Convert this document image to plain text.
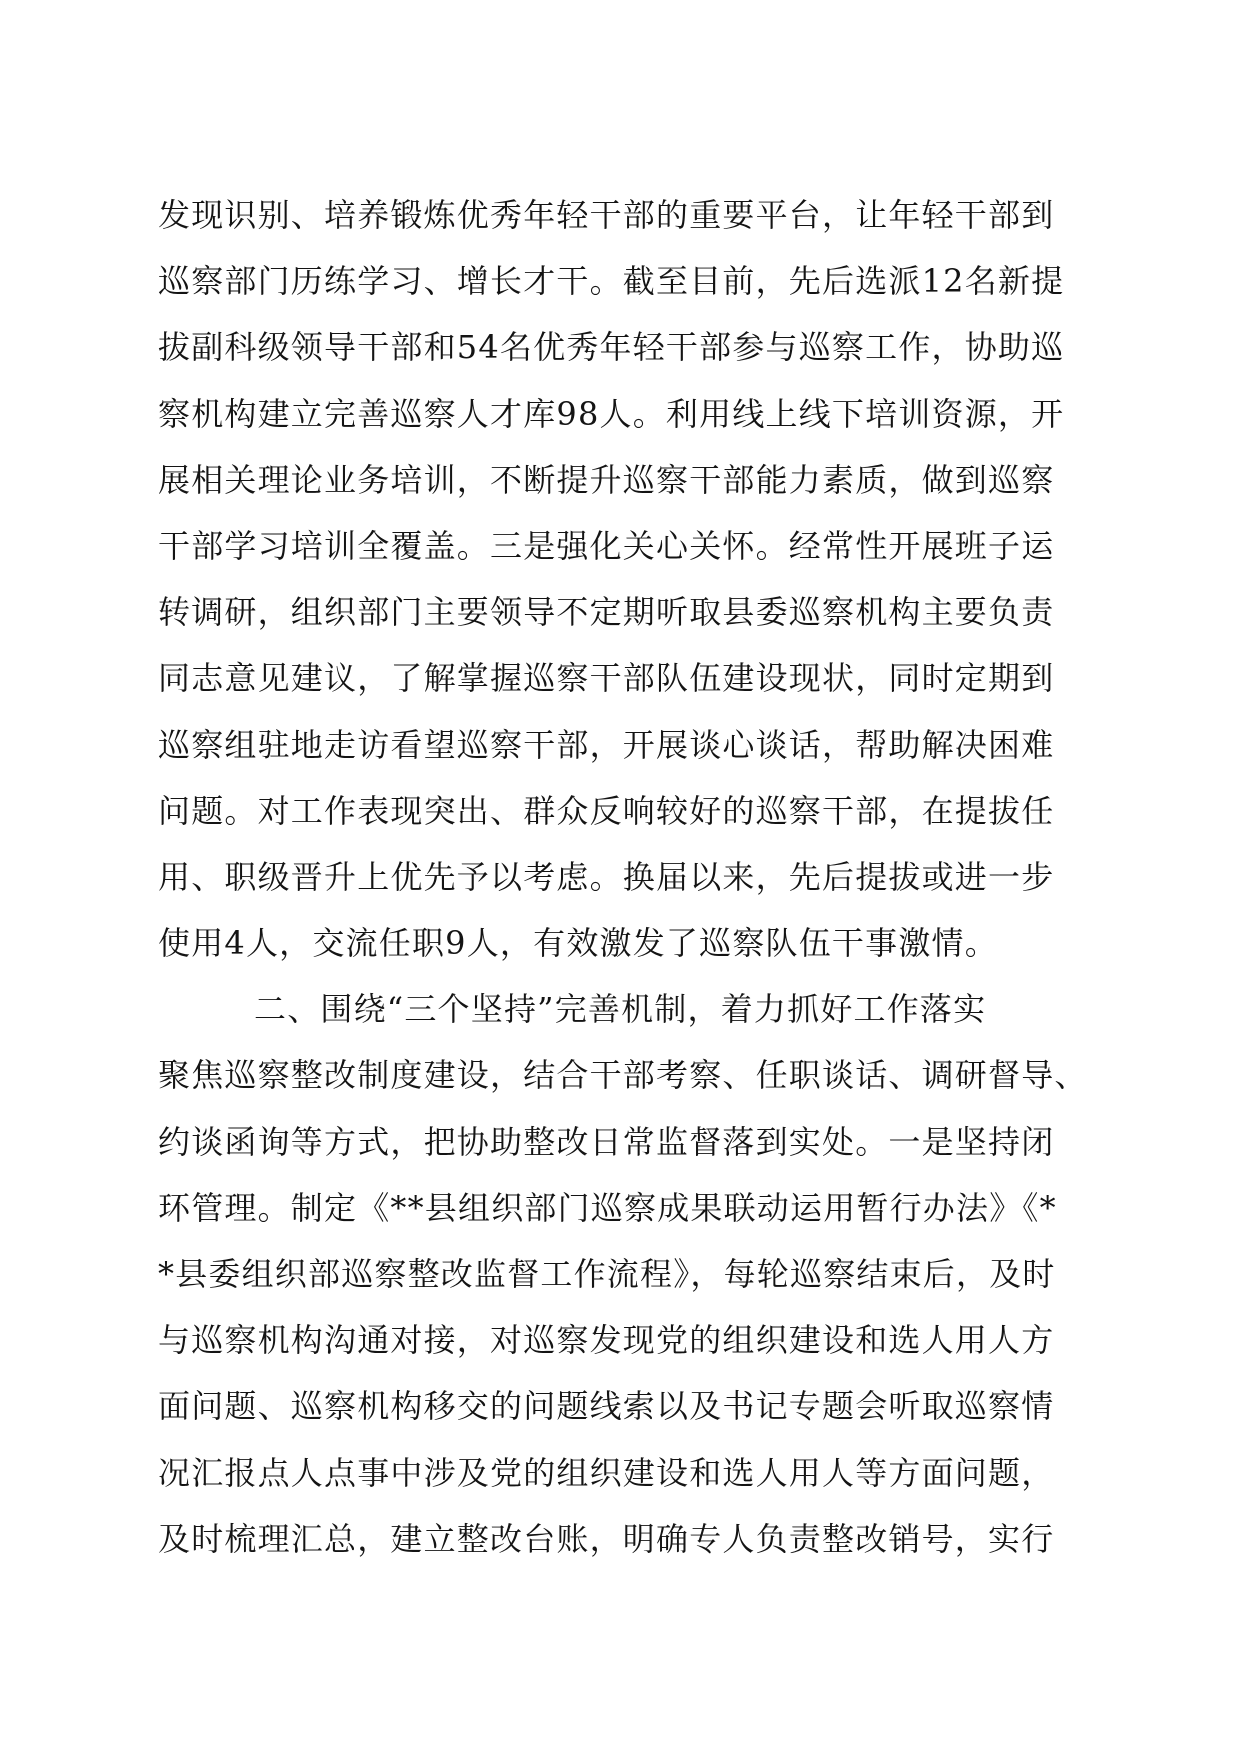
发现识别、培养锻炼优秀年轻干部的重要平台，让年轻干部到
巡察部门历练学习、增长才干。截至目前，先后选派12名新提
拔副科级领导干部和54名优秀年轻干部参与巡察工作，协助巡
察机构建立完善巡察人才库98人。利用线上线下培训资源，开
展相关理论业务培训，不断提升巡察干部能力素质，做到巡察
干部学习培训全覆盖。三是强化关心关怀。经常性开展班子运
转调研，组织部门主要领导不定期听取县委巡察机构主要负责
同志意见建议，了解掌握巡察干部队伍建设现状，同时定期到
巡察组驻地走访看望巡察干部，开展谈心谈话，帮助解决困难
问题。对工作表现突出、群众反响较好的巡察干部，在提拔任
用、职级晋升上优先予以考虑。换届以来，先后提拔或进一步
使用4人，交流任职9人，有效激发了巡察队伍干事激情。
二、围绕“三个坚持”完善机制，着力抓好工作落实
聚焦巡察整改制度建设，结合干部考察、任职谈话、调研督导、
约谈函询等方式，把协助整改日常监督落到实处。一是坚持闭
环管理。制定《**县组织部门巡察成果联动运用暂行办法》《*
*县委组织部巡察整改监督工作流程》，每轮巡察结束后，及时
与巡察机构沟通对接，对巡察发现党的组织建设和选人用人方
面问题、巡察机构移交的问题线索以及书记专题会听取巡察情
况汇报点人点事中涉及党的组织建设和选人用人等方面问题，
及时梳理汇总，建立整改台账，明确专人负责整改销号，实行
